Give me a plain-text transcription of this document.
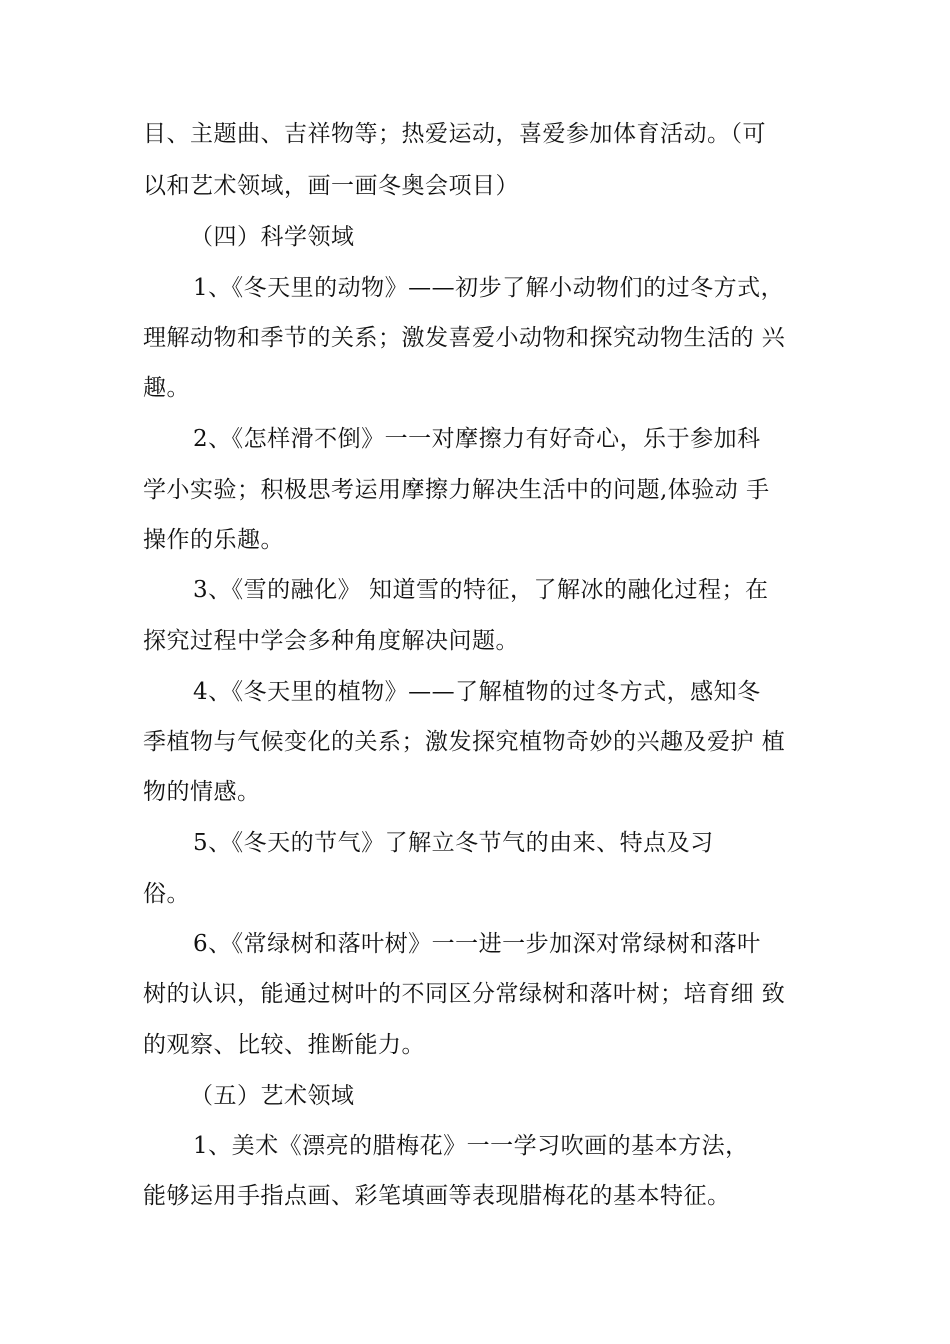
目、主题曲、吉祥物等；热爱运动，喜爱参加体育活动。（可
以和艺术领域，画一画冬奥会项目）
（四）科学领域
1、《冬天里的动物》——初步了解小动物们的过冬方式，
理解动物和季节的关系；激发喜爱小动物和探究动物生活的 兴
趣。
2、《怎样滑不倒》一一对摩擦力有好奇心，乐于参加科
学小实验；积极思考运用摩擦力解决生活中的问题,体验动 手
操作的乐趣。
3、《雪的融化》 知道雪的特征，了解冰的融化过程；在
探究过程中学会多种角度解决问题。
4、《冬天里的植物》——了解植物的过冬方式，感知冬
季植物与气候变化的关系；激发探究植物奇妙的兴趣及爱护 植
物的情感。
5、《冬天的节气》了解立冬节气的由来、特点及习
俗。
6、《常绿树和落叶树》一一进一步加深对常绿树和落叶
树的认识，能通过树叶的不同区分常绿树和落叶树；培育细 致
的观察、比较、推断能力。
（五）艺术领域
1、美术《漂亮的腊梅花》一一学习吹画的基本方法，
能够运用手指点画、彩笔填画等表现腊梅花的基本特征。
